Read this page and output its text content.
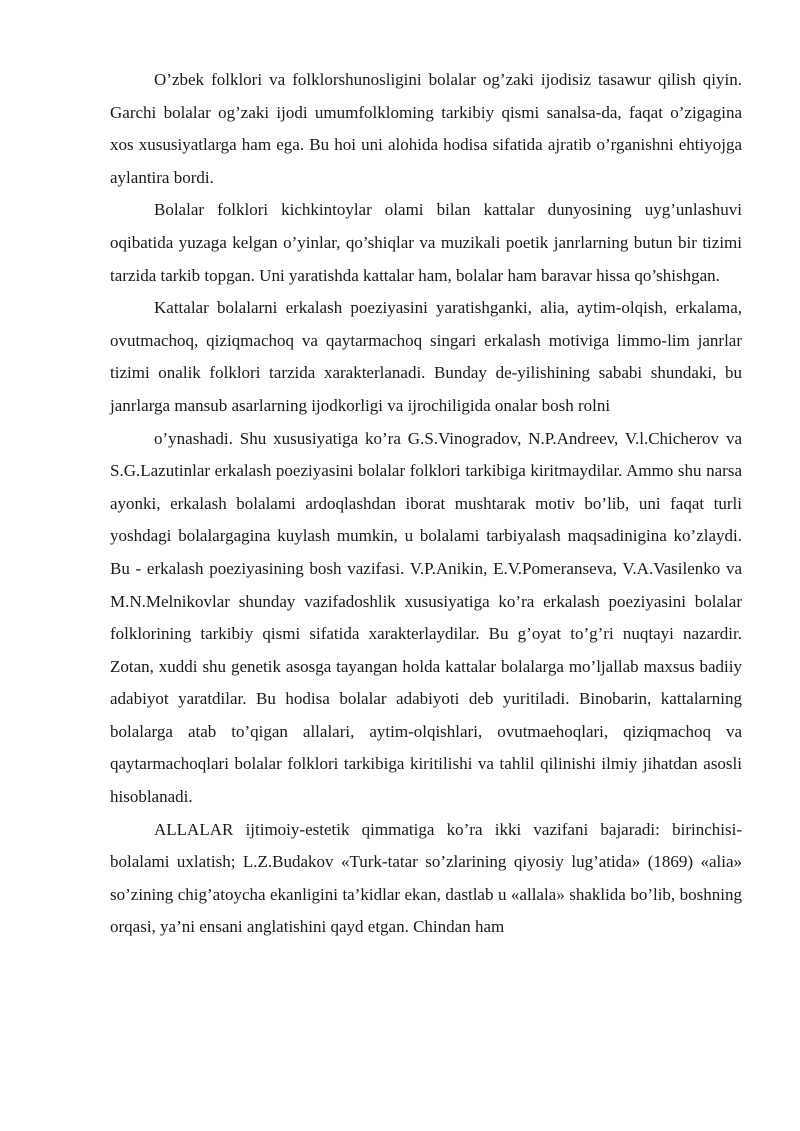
O’zbek folklori va folklorshunosligini bolalar og’zaki ijodisiz tasawur qilish qiyin. Garchi bolalar og’zaki ijodi umumfolkloming tarkibiy qismi sanalsa-da, faqat o’zigagina xos xususiyatlarga ham ega. Bu hoi uni alohida hodisa sifatida ajratib o’rganishni ehtiyojga aylantira bordi.

Bolalar folklori kichkintoylar olami bilan kattalar dunyosining uyg’unlashuvi oqibatida yuzaga kelgan o’yinlar, qo’shiqlar va muzikali poetik janrlarning butun bir tizimi tarzida tarkib topgan. Uni yaratishda kattalar ham, bolalar ham baravar hissa qo’shishgan.

Kattalar bolalarni erkalash poeziyasini yaratishganki, alia, aytim-olqish, erkalama, ovutmachoq, qiziqmachoq va qaytarmachoq singari erkalash motiviga limmo-lim janrlar tizimi onalik folklori tarzida xarakterlanadi. Bunday de-yilishining sababi shundaki, bu janrlarga mansub asarlarning ijodkorligi va ijrochiligida onalar bosh rolni

o’ynashadi. Shu xususiyatiga ko’ra G.S.Vinogradov, N.P.Andreev, V.l.Chicherov va S.G.Lazutinlar erkalash poeziyasini bolalar folklori tarkibiga kiritmaydilar. Ammo shu narsa ayonki, erkalash bolalami ardoqlashdan iborat mushtarak motiv bo’lib, uni faqat turli yoshdagi bolalargagina kuylash mumkin, u bolalami tarbiyalash maqsadinigina ko’zlaydi. Bu - erkalash poeziyasining bosh vazifasi. V.P.Anikin, E.V.Pomeranseva, V.A.Vasilenko va M.N.Melnikovlar shunday vazifadoshlik xususiyatiga ko’ra erkalash poeziyasini bolalar folklorining tarkibiy qismi sifatida xarakterlaydilar. Bu g’oyat to’g’ri nuqtayi nazardir. Zotan, xuddi shu genetik asosga tayangan holda kattalar bolalarga mo’ljallab maxsus badiiy adabiyot yaratdilar. Bu hodisa bolalar adabiyoti deb yuritiladi. Binobarin, kattalarning bolalarga atab to’qigan allalari, aytim-olqishlari, ovutmaehoqlari, qiziqmachoq va qaytarmachoqlari bolalar folklori tarkibiga kiritilishi va tahlil qilinishi ilmiy jihatdan asosli hisoblanadi.

ALLALAR ijtimoiy-estetik qimmatiga ko’ra ikki vazifani bajaradi: birinchisi- bolalami uxlatish; L.Z.Budakov «Turk-tatar so’zlarining qiyosiy lug’atida» (1869) «alia» so’zining chig’atoycha ekanligini ta’kidlar ekan, dastlab u «allala» shaklida bo’lib, boshning orqasi, ya’ni ensani anglatishini qayd etgan. Chindan ham
